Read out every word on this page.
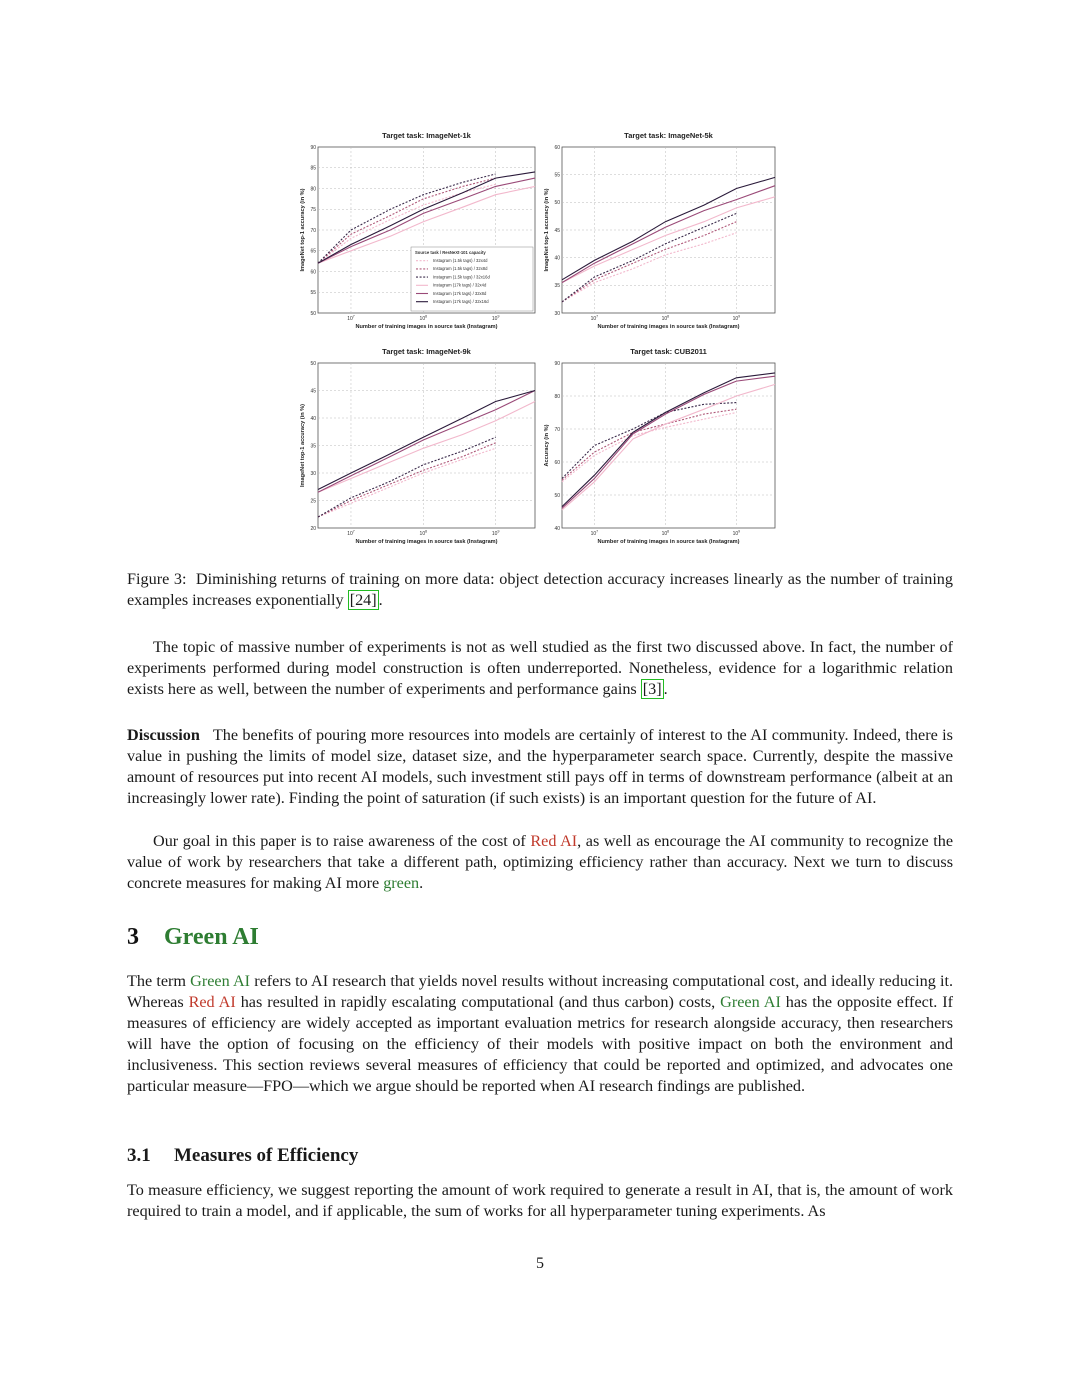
50
55
60
65
70
75
80
85
90
$10^7$	$10^8$	$10^9$
Target task: ImageNet-1k
Number of training images in source task (Instagram)
ImageNet top-1 accuracy (in %)	Source task / ResNeXt-101 capacity
Instagram (1.5k tags) / 32x4d
Instagram (1.5k tags) / 32x8d
Instagram (1.5k tags) / 32x16d
Instagram (17k tags) / 32x4d
Instagram (17k tags) / 32x8d
Instagram (17k tags) / 32x16d
30
35
40
45
50
55
60
$10^7$	$10^8$	$10^9$
Target task: ImageNet-5k
Number of training images in source task (Instagram)
ImageNet top-1 accuracy (in %)
20
25
30
35
40
45
50
$10^7$	$10^8$	$10^9$
Target task: ImageNet-9k
Number of training images in source task (Instagram)
ImageNet top-1 accuracy (in %)
40
50
60
70
80
90
$10^7$	$10^8$	$10^9$
Target task: CUB2011
Number of training images in source task (Instagram)
Accuracy (in %)
Figure 3: Diminishing returns of training on more data: object detection accuracy increases linearly as the number of training examples increases exponentially [24] .

The topic of massive number of experiments is not as well studied as the first two discussed above. In fact, the number of experiments performed during model construction is often underreported. Nonetheless, evidence for a logarithmic relation exists here as well, between the number of experiments and performance gains [3] .

Discussion The benefits of pouring more resources into models are certainly of interest to the AI community. Indeed, there is value in pushing the limits of model size, dataset size, and the hyperparameter search space. Currently, despite the massive amount of resources put into recent AI models, such investment still pays off in terms of downstream performance (albeit at an increasingly lower rate). Finding the point of saturation (if such exists) is an important question for the future of AI.

Our goal in this paper is to raise awareness of the cost of Red AI, as well as encourage the AI community to recognize the value of work by researchers that take a different path, optimizing efficiency rather than accuracy. Next we turn to discuss concrete measures for making AI more green.

3 Green AI

The term Green AI refers to AI research that yields novel results without increasing computational cost, and ideally reducing it. Whereas Red AI has resulted in rapidly escalating computational (and thus carbon) costs, Green AI has the opposite effect. If measures of efficiency are widely accepted as important evaluation metrics for research alongside accuracy, then researchers will have the option of focusing on the efficiency of their models with positive impact on both the environment and inclusiveness. This section reviews several measures of efficiency that could be reported and optimized, and advocates one particular measure—FPO—which we argue should be reported when AI research findings are published.

3.1 Measures of Efficiency

To measure efficiency, we suggest reporting the amount of work required to generate a result in AI, that is, the amount of work required to train a model, and if applicable, the sum of works for all hyperparameter tuning experiments. As

5
